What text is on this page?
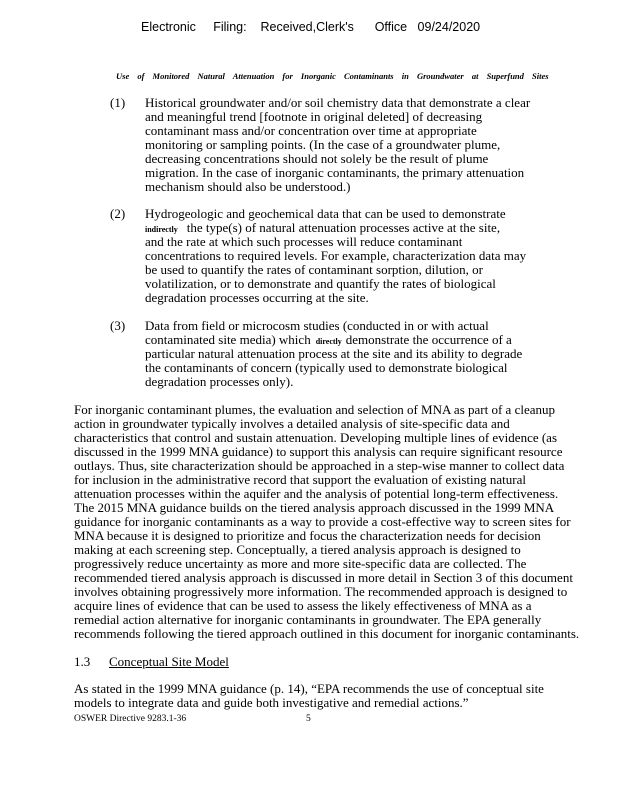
Electronic     Filing:    Received,Clerk's      Office   09/24/2020
Use of Monitored Natural Attenuation for Inorganic Contaminants in Groundwater at Superfund Sites
(1) Historical groundwater and/or soil chemistry data that demonstrate a clear
and meaningful trend [footnote in original deleted] of decreasing
contaminant mass and/or concentration over time at appropriate
monitoring or sampling points. (In the case of a groundwater plume,
decreasing concentrations should not solely be the result of plume
migration. In the case of inorganic contaminants, the primary attenuation
mechanism should also be understood.)
(2) Hydrogeologic and geochemical data that can be used to demonstrate
indirectly the type(s) of natural attenuation processes active at the site,
and the rate at which such processes will reduce contaminant
concentrations to required levels. For example, characterization data may
be used to quantify the rates of contaminant sorption, dilution, or
volatilization, or to demonstrate and quantify the rates of biological
degradation processes occurring at the site.
(3) Data from field or microcosm studies (conducted in or with actual
contaminated site media) which directly demonstrate the occurrence of a
particular natural attenuation process at the site and its ability to degrade
the contaminants of concern (typically used to demonstrate biological
degradation processes only).
For inorganic contaminant plumes, the evaluation and selection of MNA as part of a cleanup
action in groundwater typically involves a detailed analysis of site-specific data and
characteristics that control and sustain attenuation. Developing multiple lines of evidence (as
discussed in the 1999 MNA guidance) to support this analysis can require significant resource
outlays. Thus, site characterization should be approached in a step-wise manner to collect data
for inclusion in the administrative record that support the evaluation of existing natural
attenuation processes within the aquifer and the analysis of potential long-term effectiveness.
The 2015 MNA guidance builds on the tiered analysis approach discussed in the 1999 MNA
guidance for inorganic contaminants as a way to provide a cost-effective way to screen sites for
MNA because it is designed to prioritize and focus the characterization needs for decision
making at each screening step. Conceptually, a tiered analysis approach is designed to
progressively reduce uncertainty as more and more site-specific data are collected. The
recommended tiered analysis approach is discussed in more detail in Section 3 of this document
involves obtaining progressively more information. The recommended approach is designed to
acquire lines of evidence that can be used to assess the likely effectiveness of MNA as a
remedial action alternative for inorganic contaminants in groundwater. The EPA generally
recommends following the tiered approach outlined in this document for inorganic contaminants.
1.3 Conceptual Site Model
As stated in the 1999 MNA guidance (p. 14), “EPA recommends the use of conceptual site
models to integrate data and guide both investigative and remedial actions.”
OSWER Directive 9283.1-36	5
